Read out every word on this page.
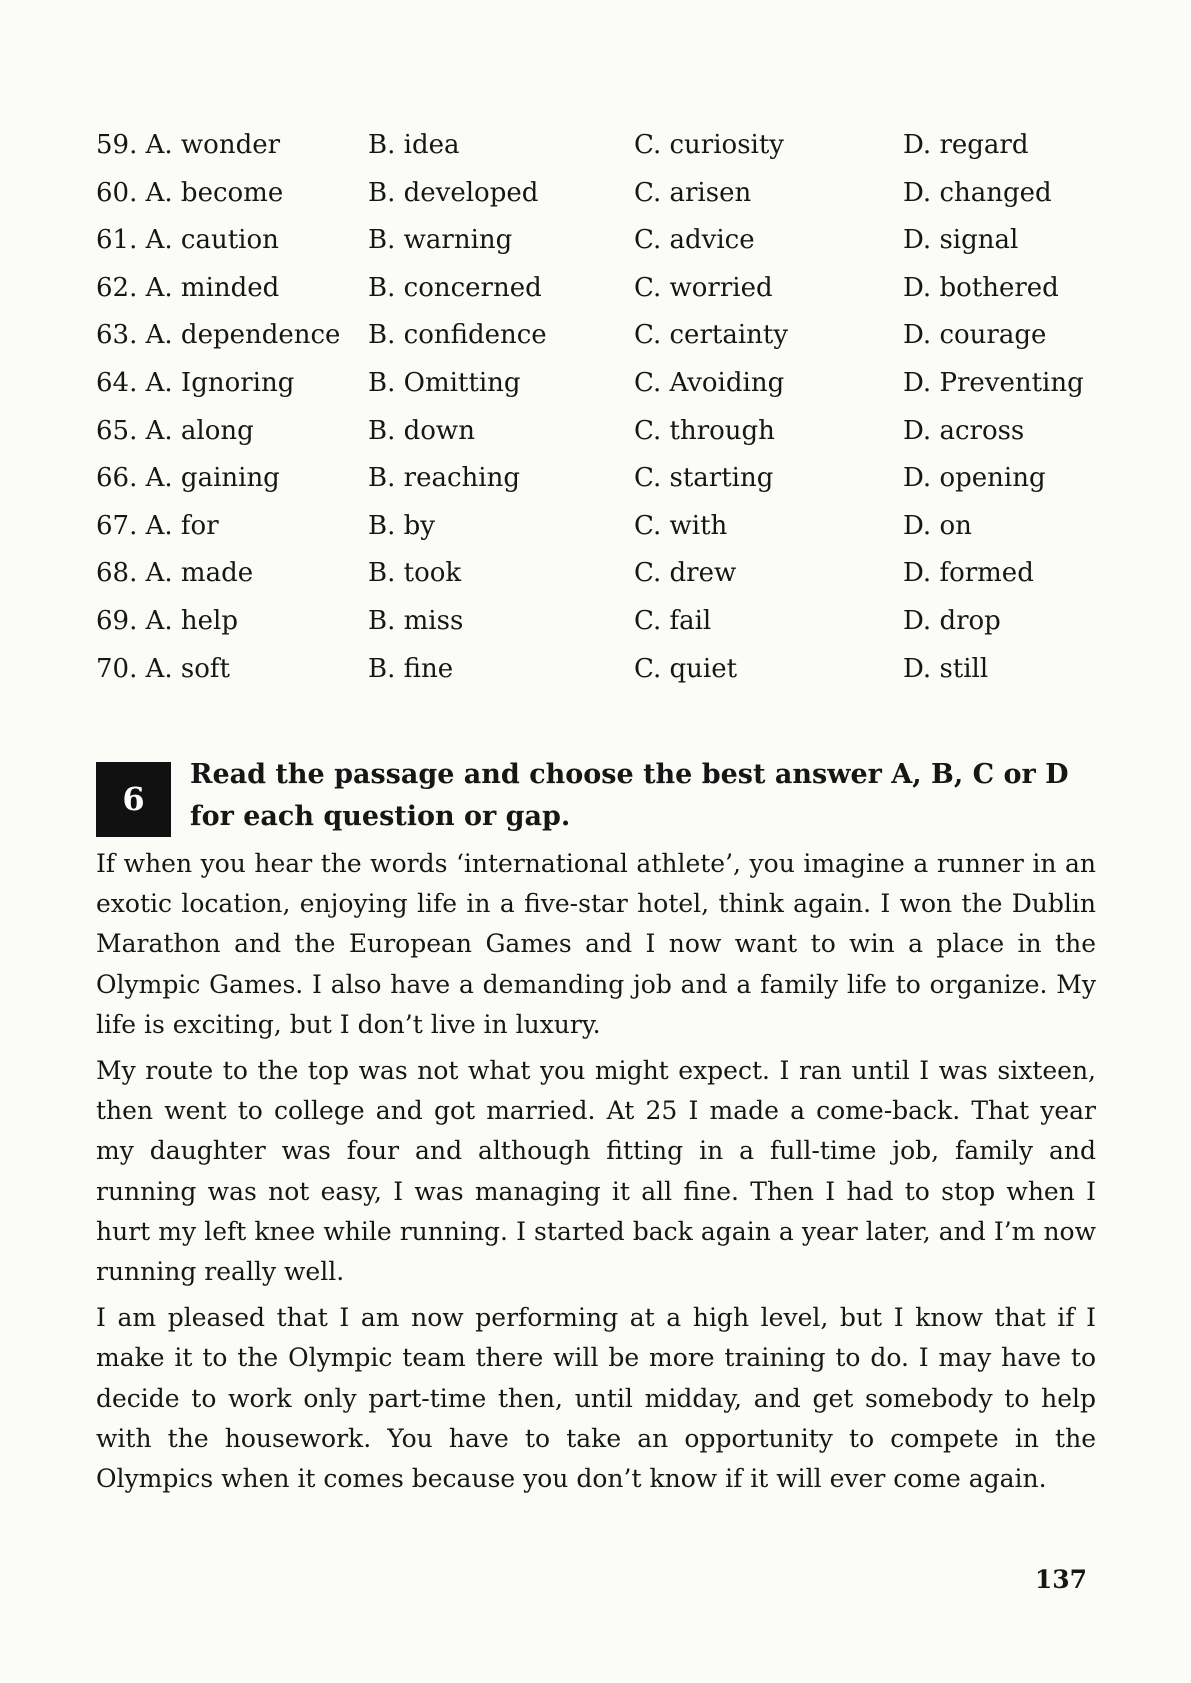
59. A. wonder	B. idea	C. curiosity	D. regard
60. A. become	B. developed	C. arisen	D. changed
61. A. caution	B. warning	C. advice	D. signal
62. A. minded	B. concerned	C. worried	D. bothered
63. A. dependence B. confidence	C. certainty	D. courage
64. A. Ignoring	B. Omitting	C. Avoiding	D. Preventing
65. A. along	B. down	C. through	D. across
66. A. gaining	B. reaching	C. starting	D. opening
67. A. for	B. by	C. with	D. on
68. A. made	B. took	C. drew	D. formed
69. A. help	B. miss	C. fail	D. drop
70. A. soft	B. fine	C. quiet	D. still
6

Read the passage and choose the best answer A, B, C or D for each question or gap.

If when you hear the words ‘international athlete’, you imagine a runner in an exotic location, enjoying life in a five-star hotel, think again. I won the Dublin Marathon and the European Games and I now want to win a place in the Olympic Games. I also have a demanding job and a family life to organize. My life is exciting, but I don’t live in luxury.

My route to the top was not what you might expect. I ran until I was sixteen, then went to college and got married. At 25 I made a come-back. That year my daughter was four and although fitting in a full-time job, family and running was not easy, I was managing it all fine. Then I had to stop when I hurt my left knee while running. I started back again a year later, and I’m now running really well.

I am pleased that I am now performing at a high level, but I know that if I make it to the Olympic team there will be more training to do. I may have to decide to work only part-time then, until midday, and get somebody to help with the housework. You have to take an opportunity to compete in the Olympics when it comes because you don’t know if it will ever come again.

137
